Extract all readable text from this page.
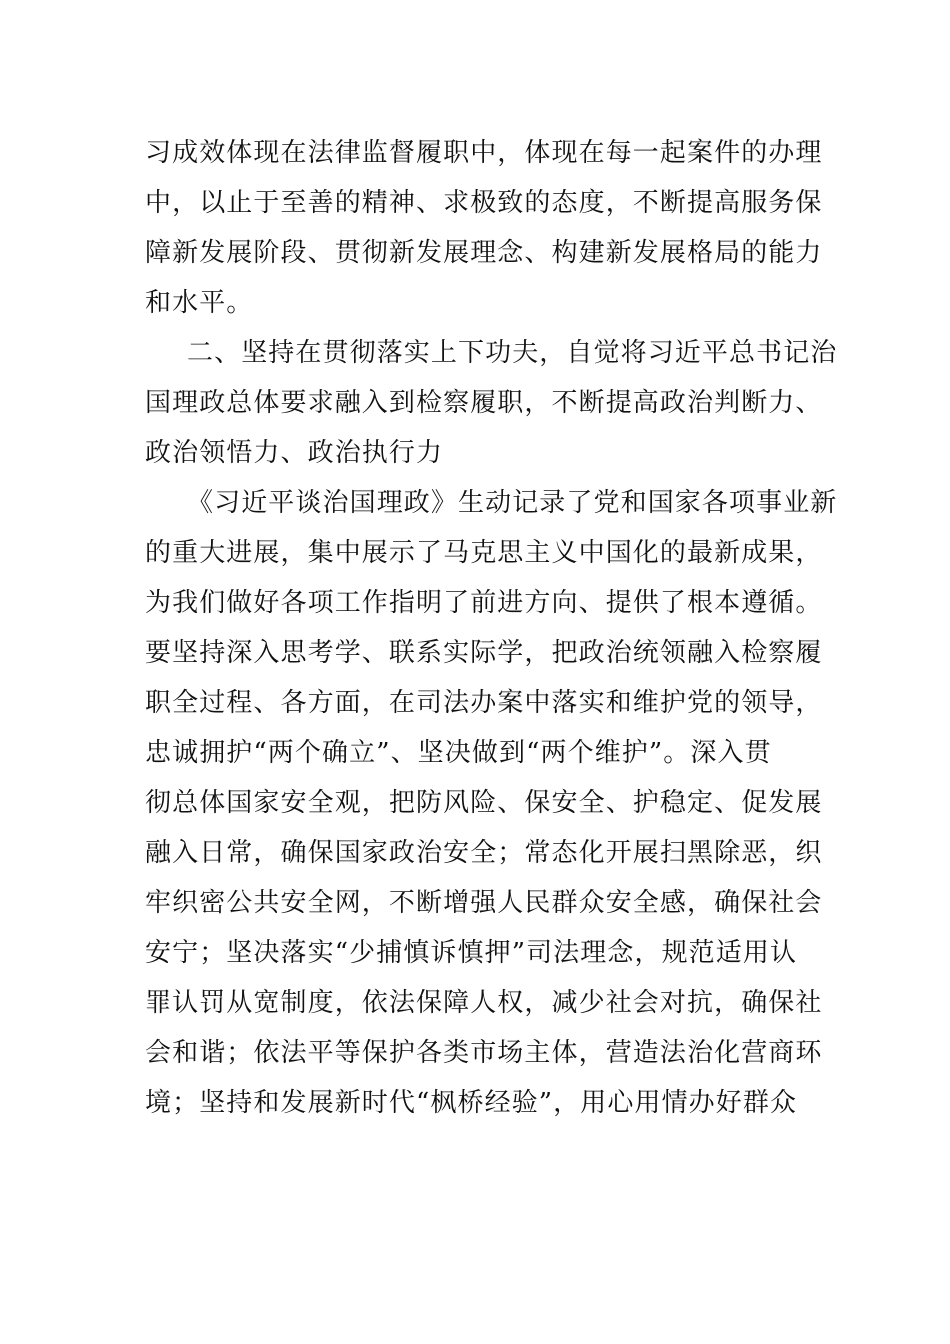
习成效体现在法律监督履职中，体现在每一起案件的办理
中，以止于至善的精神、求极致的态度，不断提高服务保
障新发展阶段、贯彻新发展理念、构建新发展格局的能力
和水平。
二、坚持在贯彻落实上下功夫，自觉将习近平总书记治
国理政总体要求融入到检察履职，不断提高政治判断力、
政治领悟力、政治执行力
《习近平谈治国理政》生动记录了党和国家各项事业新
的重大进展，集中展示了马克思主义中国化的最新成果，
为我们做好各项工作指明了前进方向、提供了根本遵循。
要坚持深入思考学、联系实际学，把政治统领融入检察履
职全过程、各方面，在司法办案中落实和维护党的领导，
忠诚拥护“两个确立”、坚决做到“两个维护”。深入贯
彻总体国家安全观，把防风险、保安全、护稳定、促发展
融入日常，确保国家政治安全；常态化开展扫黑除恶，织
牢织密公共安全网，不断增强人民群众安全感，确保社会
安宁；坚决落实“少捕慎诉慎押”司法理念，规范适用认
罪认罚从宽制度，依法保障人权，减少社会对抗，确保社
会和谐；依法平等保护各类市场主体，营造法治化营商环
境；坚持和发展新时代“枫桥经验”，用心用情办好群众
